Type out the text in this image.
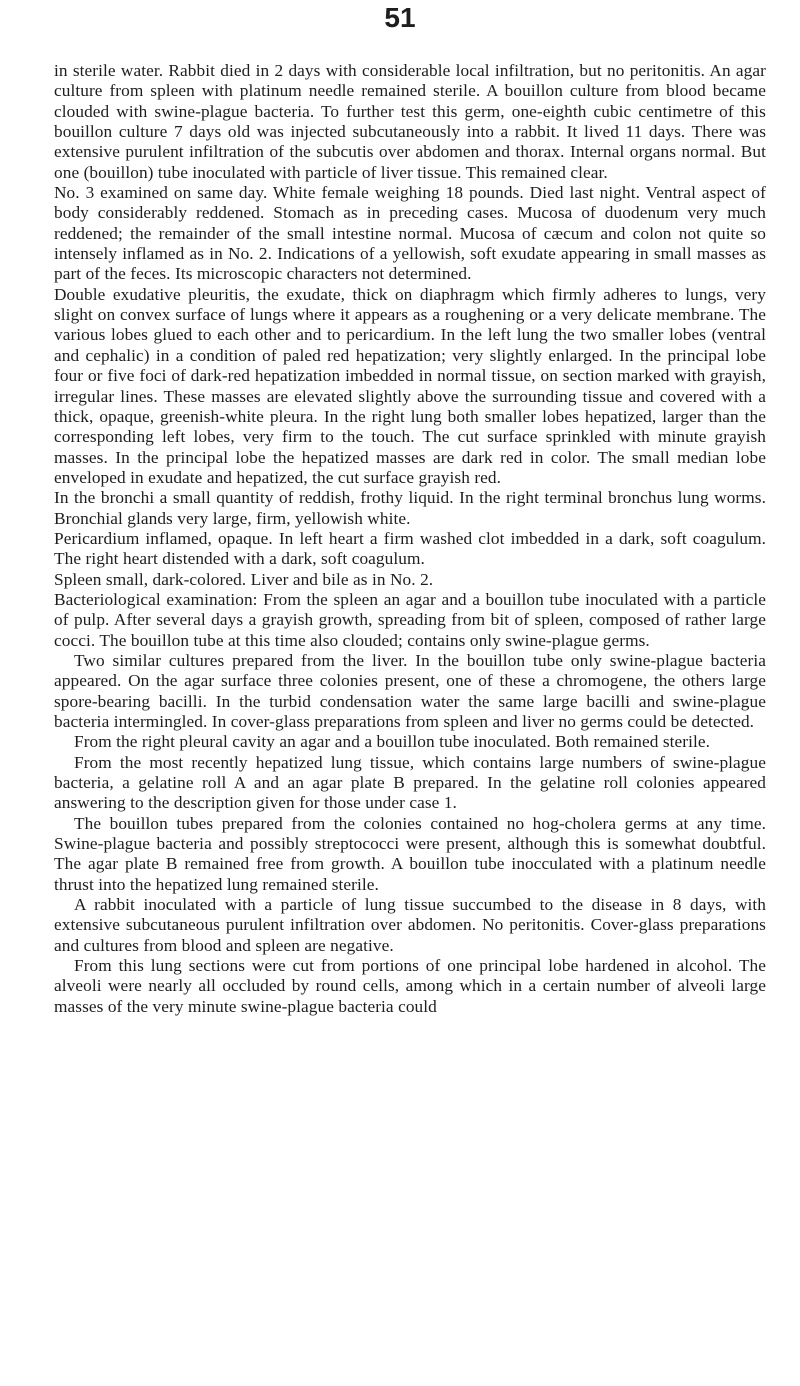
51

in sterile water. Rabbit died in 2 days with considerable local infiltration, but no peritonitis. An agar culture from spleen with platinum needle remained sterile. A bouillon culture from blood became clouded with swine-plague bacteria. To further test this germ, one-eighth cubic centimetre of this bouillon culture 7 days old was injected subcutaneously into a rabbit. It lived 11 days. There was extensive purulent infiltration of the subcutis over abdomen and thorax. Internal organs normal. But one (bouillon) tube inoculated with particle of liver tissue. This remained clear.

No. 3 examined on same day. White female weighing 18 pounds. Died last night. Ventral aspect of body considerably reddened. Stomach as in preceding cases. Mucosa of duodenum very much reddened; the remainder of the small intestine normal. Mucosa of cæcum and colon not quite so intensely inflamed as in No. 2. Indications of a yellowish, soft exudate appearing in small masses as part of the feces. Its microscopic characters not determined.

Double exudative pleuritis, the exudate, thick on diaphragm which firmly adheres to lungs, very slight on convex surface of lungs where it appears as a roughening or a very delicate membrane. The various lobes glued to each other and to pericardium. In the left lung the two smaller lobes (ventral and cephalic) in a condition of paled red hepatization; very slightly enlarged. In the principal lobe four or five foci of dark-red hepatization imbedded in normal tissue, on section marked with grayish, irregular lines. These masses are elevated slightly above the surrounding tissue and covered with a thick, opaque, greenish-white pleura. In the right lung both smaller lobes hepatized, larger than the corresponding left lobes, very firm to the touch. The cut surface sprinkled with minute grayish masses. In the principal lobe the hepatized masses are dark red in color. The small median lobe enveloped in exudate and hepatized, the cut surface grayish red.

In the bronchi a small quantity of reddish, frothy liquid. In the right terminal bronchus lung worms. Bronchial glands very large, firm, yellowish white.

Pericardium inflamed, opaque. In left heart a firm washed clot imbedded in a dark, soft coagulum. The right heart distended with a dark, soft coagulum.

Spleen small, dark-colored. Liver and bile as in No. 2.

Bacteriological examination: From the spleen an agar and a bouillon tube inoculated with a particle of pulp. After several days a grayish growth, spreading from bit of spleen, composed of rather large cocci. The bouillon tube at this time also clouded; contains only swine-plague germs.

Two similar cultures prepared from the liver. In the bouillon tube only swine-plague bacteria appeared. On the agar surface three colonies present, one of these a chromogene, the others large spore-bearing bacilli. In the turbid condensation water the same large bacilli and swine-plague bacteria intermingled. In cover-glass preparations from spleen and liver no germs could be detected.

From the right pleural cavity an agar and a bouillon tube inoculated. Both remained sterile.

From the most recently hepatized lung tissue, which contains large numbers of swine-plague bacteria, a gelatine roll A and an agar plate B prepared. In the gelatine roll colonies appeared answering to the description given for those under case 1.

The bouillon tubes prepared from the colonies contained no hog-cholera germs at any time. Swine-plague bacteria and possibly streptococci were present, although this is somewhat doubtful. The agar plate B remained free from growth. A bouillon tube inocculated with a platinum needle thrust into the hepatized lung remained sterile.

A rabbit inoculated with a particle of lung tissue succumbed to the disease in 8 days, with extensive subcutaneous purulent infiltration over abdomen. No peritonitis. Cover-glass preparations and cultures from blood and spleen are negative.

From this lung sections were cut from portions of one principal lobe hardened in alcohol. The alveoli were nearly all occluded by round cells, among which in a certain number of alveoli large masses of the very minute swine-plague bacteria could
